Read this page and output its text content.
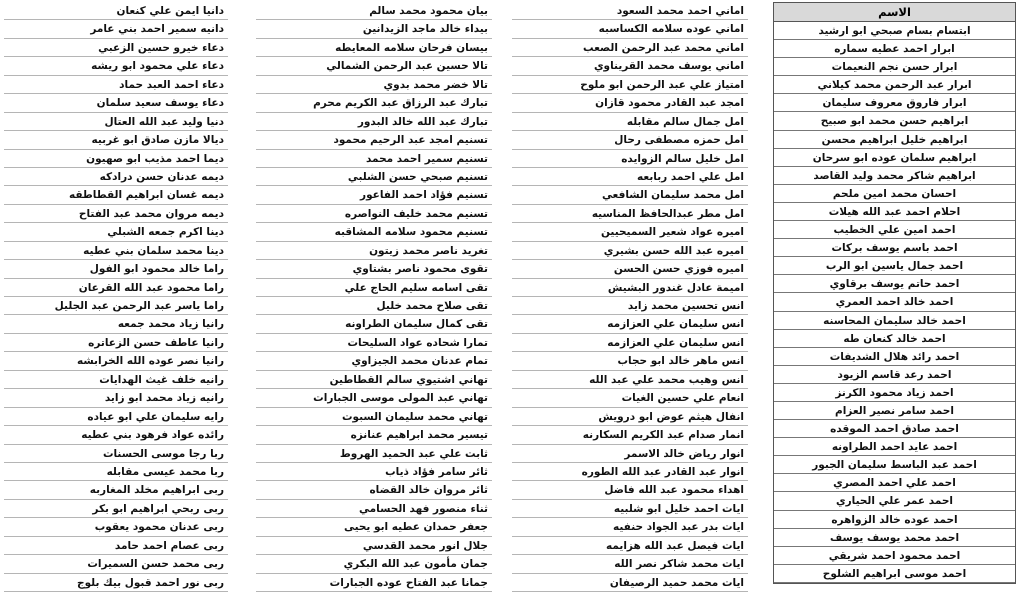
الاسم
ابتسام بسام صبحي ابو ارشيد
ابرار احمد عطيه سماره
ابرار حسن نجم النعيمات
ابرار عبد الرحمن محمد كيلاني
ابرار فاروق معروف سليمان
ابراهيم حسن محمد ابو صبيح
ابراهيم خليل ابراهيم محسن
ابراهيم سلمان عوده ابو سرحان
ابراهيم شاكر محمد وليد القاصد
احسان محمد امين ملحم
احلام احمد عبد الله هيلات
احمد امين علي الخطيب
احمد باسم يوسف بركات
احمد جمال ياسين ابو الرب
احمد حاتم يوسف برقاوي
احمد خالد احمد العمري
احمد خالد سليمان المحاسنه
احمد خالد كنعان طه
احمد رائد هلال الشديفات
احمد رعد قاسم الزيود
احمد زياد محمود الكرنز
احمد سامر نصير العزام
احمد صادق احمد الموقده
احمد عايد احمد الطراونه
احمد عبد الباسط سليمان الجبور
احمد علي احمد المصري
احمد عمر علي الحياري
احمد عوده خالد الزواهره
احمد محمد يوسف يوسف
احمد محمود احمد شريقي
احمد موسى ابراهيم الشلوح
اماني احمد محمد السعود
اماني عوده سلامه الكساسبه
اماني محمد عبد الرحمن الصعب
اماني يوسف محمد القريناوي
امتياز علي عبد الرحمن ابو ملوح
امجد عبد القادر محمود قازان
امل جمال سالم مقابله
امل حمزه مصطفى رحال
امل خليل سالم الزوايده
امل علي احمد ربابعه
امل محمد سليمان الشافعي
امل مطر عبدالحافظ المناسيه
اميره عواد شعير السميحيين
اميره عبد الله حسن بشيري
اميره فوزي حسن الحسن
اميمة عادل غندور البشيش
انس تحسين محمد زايد
انس سليمان علي العزازمه
انس سليمان علي العزازمه
انس ماهر خالد ابو حجاب
انس وهيب محمد علي عبد الله
انعام علي حسين الغيات
انفال هيثم عوض ابو درويش
انمار صدام عبد الكريم السكارنه
انوار رياض خالد الاسمر
انوار عبد القادر عبد الله الطوره
اهداء محمود عبد الله فاضل
ايات احمد خليل ابو شلبيه
ايات بدر عبد الجواد حنفيه
ايات فيصل عبد الله هزايمه
ايات محمد شاكر نصر الله
ايات محمد حميد الرصيفان
بيان محمود محمد سالم
بيداء خالد ماجد الزيدانين
بيسان فرحان سلامه المعايطه
تالا حسين عبد الرحمن الشمالي
تالا خضر محمد بدوي
تبارك عبد الرزاق عبد الكريم محرم
تبارك عبد الله خالد البدور
تسنيم امجد عبد الرحيم محمود
تسنيم سمير احمد محمد
تسنيم صبحي حسن الشلبي
تسنيم فؤاد احمد الفاعور
تسنيم محمد خليف النواصره
تسنيم محمود سلامه المشاقبه
تغريد ناصر محمد زيتون
تقوى محمود ناصر بشتاوي
تقى اسامه سليم الحاج علي
تقى صلاح محمد خليل
تقى كمال سليمان الطراونه
تمارا شحاده عواد السليحات
تمام عدنان محمد الجيزاوي
تهاني اشتيوي سالم القطاطين
تهاني عبد المولى موسى الجبارات
تهاني محمد سليمان السبوت
تيسير محمد ابراهيم عنانزه
ثابت علي عبد الحميد الهروط
ثائر سامر فؤاد ذياب
ثائر مروان خالد القضاه
ثناء منصور فهد الحسامي
جعفر حمدان عطيه ابو يحيى
جلال انور محمد القدسي
جمان مأمون عبد الله البكري
جمانا عبد الفتاح عوده الجبارات
دانيا ايمن علي كنعان
دانيه سمير احمد بني عامر
دعاء خيرو حسين الزعبي
دعاء علي محمود ابو ريشه
دعاء احمد العبد حماد
دعاء يوسف سعيد سلمان
دنيا وليد عبد الله العتال
ديالا مازن صادق ابو غربيه
ديما احمد مذيب ابو صهيون
ديمه عدنان حسن درادكه
ديمه غسان ابراهيم القطاطقه
ديمه مروان محمد عبد الفتاح
دينا اكرم جمعه الشبلي
دينا محمد سلمان بني عطيه
راما خالد محمود ابو الفول
راما محمود عبد الله القرعان
راما ياسر عبد الرحمن عبد الجليل
رانيا زياد محمد جمعه
رانيا عاطف حسن الزعاتره
رانيا نصر عوده الله الخرابشه
رانيه خلف غيث الهدايات
رانيه زياد محمد ابو زايد
رايه سليمان علي ابو عياده
رائده عواد فرهود بني عطيه
ربا رجا موسى الحسنات
ربا محمد عيسى مقابله
ربى ابراهيم مخلد المغاربه
ربى ربحي ابراهيم ابو بكر
ربى عدنان محمود يعقوب
ربى عصام احمد حامد
ربى محمد حسن السميرات
ربى نور احمد قبول بيك بلوج
